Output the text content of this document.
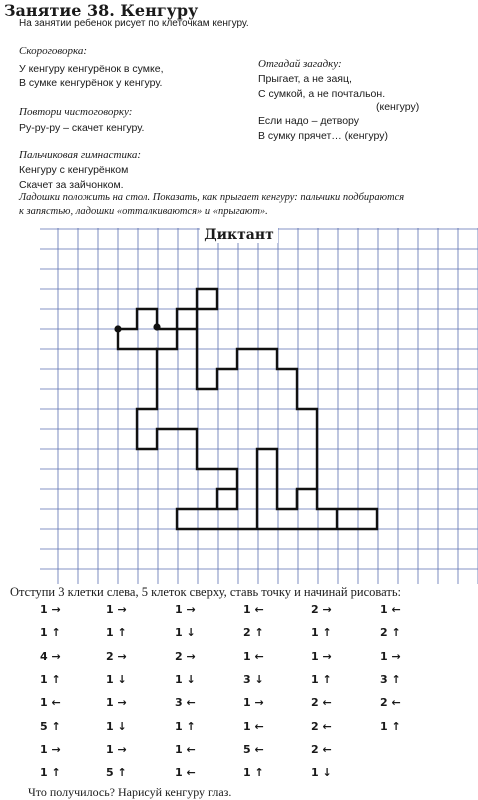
Занятие 38. Кенгуру
На занятии ребенок рисует по клеточкам кенгуру.
Скороговорка:
У кенгуру кенгурёнок в сумке,
В сумке кенгурёнок у кенгуру.
Повтори чистоговорку:
Ру-ру-ру – скачет кенгуру.
Пальчиковая гимнастика:
Кенгуру с кенгурёнком
Скачет за зайчонком.
Отгадай загадку:
Прыгает, а не заяц,
С сумкой, а не почтальон.
(кенгуру)
Если надо – детвору
В сумку прячет… (кенгуру)
Ладошки положить на стол. Показать, как прыгает кенгуру: пальчики подбираются
к запястью, ладошки «отталкиваются» и «прыгают».
Диктант
Отступи 3 клетки слева, 5 клеток сверху, ставь точку и начинай рисовать:
1 →
1 ↑
4 →
1 ↑
1 ←
5 ↑
1 →
1 ↑
1 →
1 ↑
2 →
1 ↓
1 →
1 ↓
1 →
5 ↑
1 →
1 ↓
2 →
1 ↓
3 ←
1 ↑
1 ←
1 ←
1 ←
2 ↑
1 ←
3 ↓
1 →
1 ←
5 ←
1 ↑
2 →
1 ↑
1 →
1 ↑
2 ←
2 ←
2 ←
1 ↓
1 ←
2 ↑
1 →
3 ↑
2 ←
1 ↑
Что получилось? Нарисуй кенгуру глаз.
